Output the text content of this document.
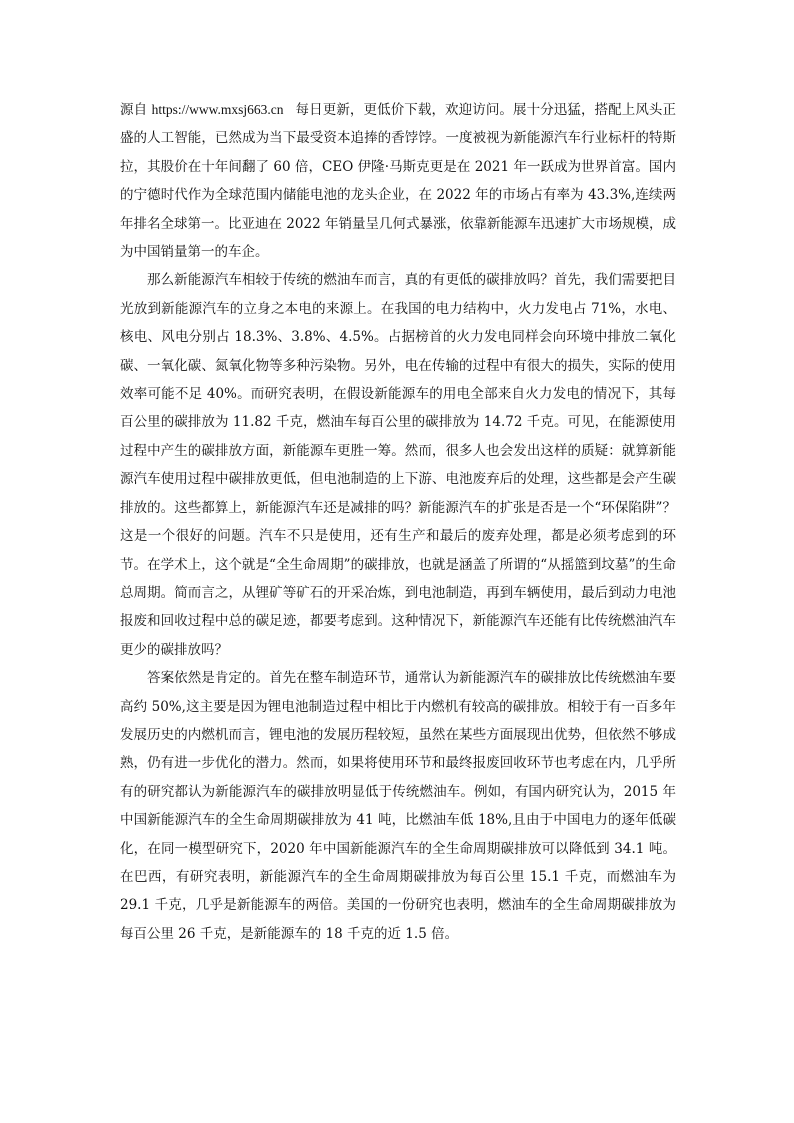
源自 https://www.mxsj663.cn 每日更新，更低价下载，欢迎访问。展十分迅猛，搭配上风头正盛的人工智能，已然成为当下最受资本追捧的香饽饽。一度被视为新能源汽车行业标杆的特斯拉，其股价在十年间翻了 60 倍，CEO 伊隆·马斯克更是在 2021 年一跃成为世界首富。国内的宁德时代作为全球范围内储能电池的龙头企业，在 2022 年的市场占有率为 43.3%,连续两年排名全球第一。比亚迪在 2022 年销量呈几何式暴涨，依靠新能源车迅速扩大市场规模，成为中国销量第一的车企。

那么新能源汽车相较于传统的燃油车而言，真的有更低的碳排放吗？首先，我们需要把目光放到新能源汽车的立身之本电的来源上。在我国的电力结构中，火力发电占 71%，水电、核电、风电分别占 18.3%、3.8%、4.5%。占据榜首的火力发电同样会向环境中排放二氧化碳、一氧化碳、氮氧化物等多种污染物。另外，电在传输的过程中有很大的损失，实际的使用效率可能不足 40%。而研究表明，在假设新能源车的用电全部来自火力发电的情况下，其每百公里的碳排放为 11.82 千克，燃油车每百公里的碳排放为 14.72 千克。可见，在能源使用过程中产生的碳排放方面，新能源车更胜一筹。然而，很多人也会发出这样的质疑：就算新能源汽车使用过程中碳排放更低，但电池制造的上下游、电池废弃后的处理，这些都是会产生碳排放的。这些都算上，新能源汽车还是减排的吗？新能源汽车的扩张是否是一个“环保陷阱”？这是一个很好的问题。汽车不只是使用，还有生产和最后的废弃处理，都是必须考虑到的环节。在学术上，这个就是“全生命周期”的碳排放，也就是涵盖了所谓的“从摇篮到坟墓”的生命总周期。简而言之，从锂矿等矿石的开采冶炼，到电池制造，再到车辆使用，最后到动力电池报废和回收过程中总的碳足迹，都要考虑到。这种情况下，新能源汽车还能有比传统燃油汽车更少的碳排放吗？

答案依然是肯定的。首先在整车制造环节，通常认为新能源汽车的碳排放比传统燃油车要高约 50%,这主要是因为锂电池制造过程中相比于内燃机有较高的碳排放。相较于有一百多年发展历史的内燃机而言，锂电池的发展历程较短，虽然在某些方面展现出优势，但依然不够成熟，仍有进一步优化的潜力。然而，如果将使用环节和最终报废回收环节也考虑在内，几乎所有的研究都认为新能源汽车的碳排放明显低于传统燃油车。例如，有国内研究认为，2015 年中国新能源汽车的全生命周期碳排放为 41 吨，比燃油车低 18%,且由于中国电力的逐年低碳化，在同一模型研究下，2020 年中国新能源汽车的全生命周期碳排放可以降低到 34.1 吨。在巴西，有研究表明，新能源汽车的全生命周期碳排放为每百公里 15.1 千克，而燃油车为 29.1 千克，几乎是新能源车的两倍。美国的一份研究也表明，燃油车的全生命周期碳排放为每百公里 26 千克，是新能源车的 18 千克的近 1.5 倍。
